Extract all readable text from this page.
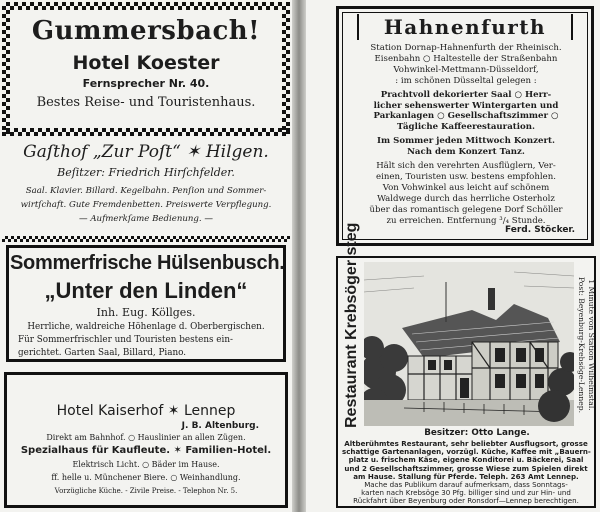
Gummersbach!
Hotel Koester
Fernsprecher Nr. 40.
Bestes Reise- und Touristenhaus.
Gaſthof „Zur Poſt“ ✶ Hilgen.
Beſitzer: Friedrich Hirſchfelder.
Saal. Klavier. Billard. Kegelbahn. Penſion und Sommer-
wirtſchaft. Gute Fremdenbetten. Preiswerte Verpflegung.
— Aufmerkſame Bedienung. —
Sommerfrische Hülsenbusch.
„Unter den Linden“
Inh. Eug. Köllges.
Herrliche, waldreiche Höhenlage d. Oberbergischen.
Für Sommerfrischler und Touristen bestens ein-
gerichtet. Garten Saal, Billard, Piano.
Hotel Kaiserhof ✶ Lennep
J. B. Altenburg.
Direkt am Bahnhof. ○ Hauslinier an allen Zügen.
Spezialhaus für Kaufleute. ✶ Familien-Hotel.
Elektrisch Licht. ○ Bäder im Hause.
ff. helle u. Münchener Biere. ○ Weinhandlung.
Vorzügliche Küche. - Zivile Preise. - Telephon Nr. 5.
Hahnenfurth
Station Dornap-Hahnenfurth der Rheinisch.
Eisenbahn ○ Haltestelle der Straßenbahn
Vohwinkel-Mettmann-Düsseldorf,
: im schönen Düsseltal gelegen :
Prachtvoll dekorierter Saal ○ Herr-
licher sehenswerter Wintergarten und
Parkanlagen ○ Gesellschaftszimmer ○
Tägliche Kaffeerestauration.
Im Sommer jeden Mittwoch Konzert.
Nach dem Konzert Tanz.
Hält sich den verehrten Ausflüglern, Ver-
einen, Touristen usw. bestens empfohlen.
Von Vohwinkel aus leicht auf schönem
Waldwege durch das herrliche Osterholz
über das romantisch gelegene Dorf Schöller
zu erreichen. Entfernung ³/₄ Stunde.
Ferd. Stöcker.
Restaurant Krebsöger steg	1 Minute von Station Wilhelmstal.
Post: Beyenburg-Krebsöge-Lennep.
Besitzer: Otto Lange.
Altberühmtes Restaurant, sehr beliebter Ausflugsort, grosse
schattige Gartenanlagen, vorzügl. Küche, Kaffee mit „Bauern-
platz u. frischem Käse, eigene Konditorei u. Bäckerei, Saal
und 2 Gesellschaftszimmer, grosse Wiese zum Spielen direkt
am Hause. Stallung für Pferde. Teleph. 263 Amt Lennep.
Mache das Publikum darauf aufmerksam, dass Sonntags-
karten nach Krebsöge 30 Pfg. billiger sind und zur Hin- und
Rückfahrt über Beyenburg oder Ronsdorf—Lennep berechtigen.
